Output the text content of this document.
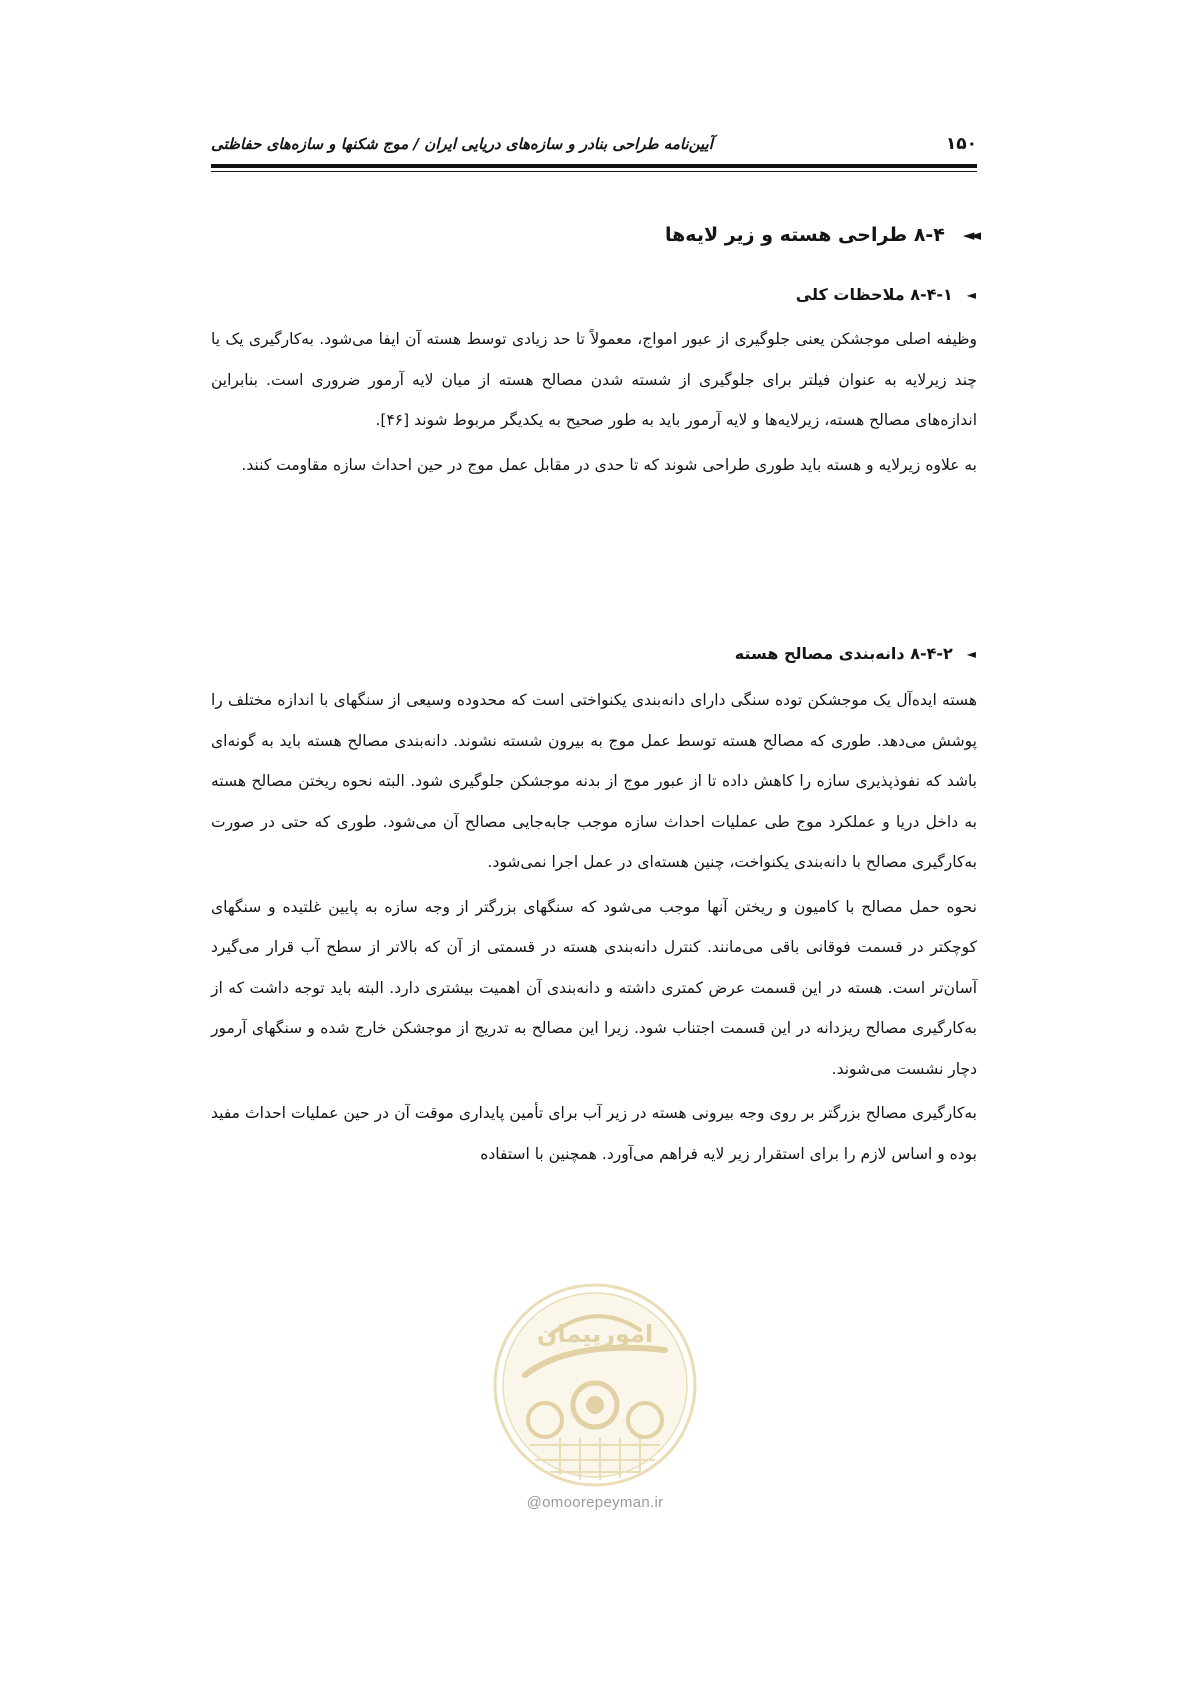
۱۵۰
آیین‌نامه طراحی بنادر و سازه‌های دریایی ایران / موج شکنها و سازه‌های حفاظتی
◄◄
۸-۴ طراحی هسته و زیر لایه‌ها
◄
۸-۴-۱ ملاحظات کلی

وظیفه اصلی موجشکن یعنی جلوگیری از عبور امواج، معمولاً تا حد زیادی توسط هسته آن ایفا می‌شود. به‌کارگیری یک یا چند زیرلایه به عنوان فیلتر برای جلوگیری از شسته شدن مصالح هسته از میان لایه آرمور ضروری است. بنابراین اندازه‌های مصالح هسته، زیرلایه‌ها و لایه آرمور باید به طور صحیح به یکدیگر مربوط شوند [۴۶].

به علاوه زیرلایه و هسته باید طوری طراحی شوند که تا حدی در مقابل عمل موج در حین احداث سازه مقاومت کنند.

◄
۸-۴-۲ دانه‌بندی مصالح هسته

هسته ایده‌آل یک موجشکن توده سنگی دارای دانه‌بندی یکنواختی است که محدوده وسیعی از سنگهای با اندازه مختلف را پوشش می‌دهد. طوری که مصالح هسته توسط عمل موج به بیرون شسته نشوند. دانه‌بندی مصالح هسته باید به گونه‌ای باشد که نفوذپذیری سازه را کاهش داده تا از عبور موج از بدنه موجشکن جلوگیری شود. البته نحوه ریختن مصالح هسته به داخل دریا و عملکرد موج طی عملیات احداث سازه موجب جابه‌جایی مصالح آن می‌شود. طوری که حتی در صورت به‌کارگیری مصالح با دانه‌بندی یکنواخت، چنین هسته‌ای در عمل اجرا نمی‌شود.

نحوه حمل مصالح با کامیون و ریختن آنها موجب می‌شود که سنگهای بزرگتر از وجه سازه به پایین غلتیده و سنگهای کوچکتر در قسمت فوقانی باقی می‌مانند. کنترل دانه‌بندی هسته در قسمتی از آن که بالاتر از سطح آب قرار می‌گیرد آسان‌تر است. هسته در این قسمت عرض کمتری داشته و دانه‌بندی آن اهمیت بیشتری دارد. البته باید توجه داشت که از به‌کارگیری مصالح ریزدانه در این قسمت اجتناب شود. زیرا این مصالح به تدریج از موجشکن خارج شده و سنگهای آرمور دچار نشست می‌شوند.

به‌کارگیری مصالح بزرگتر بر روی وجه بیرونی هسته در زیر آب برای تأمین پایداری موقت آن در حین عملیات احداث مفید بوده و اساس لازم را برای استقرار زیر لایه فراهم می‌آورد. همچنین با استفاده

امورپیمان
@omoorepeyman.ir
